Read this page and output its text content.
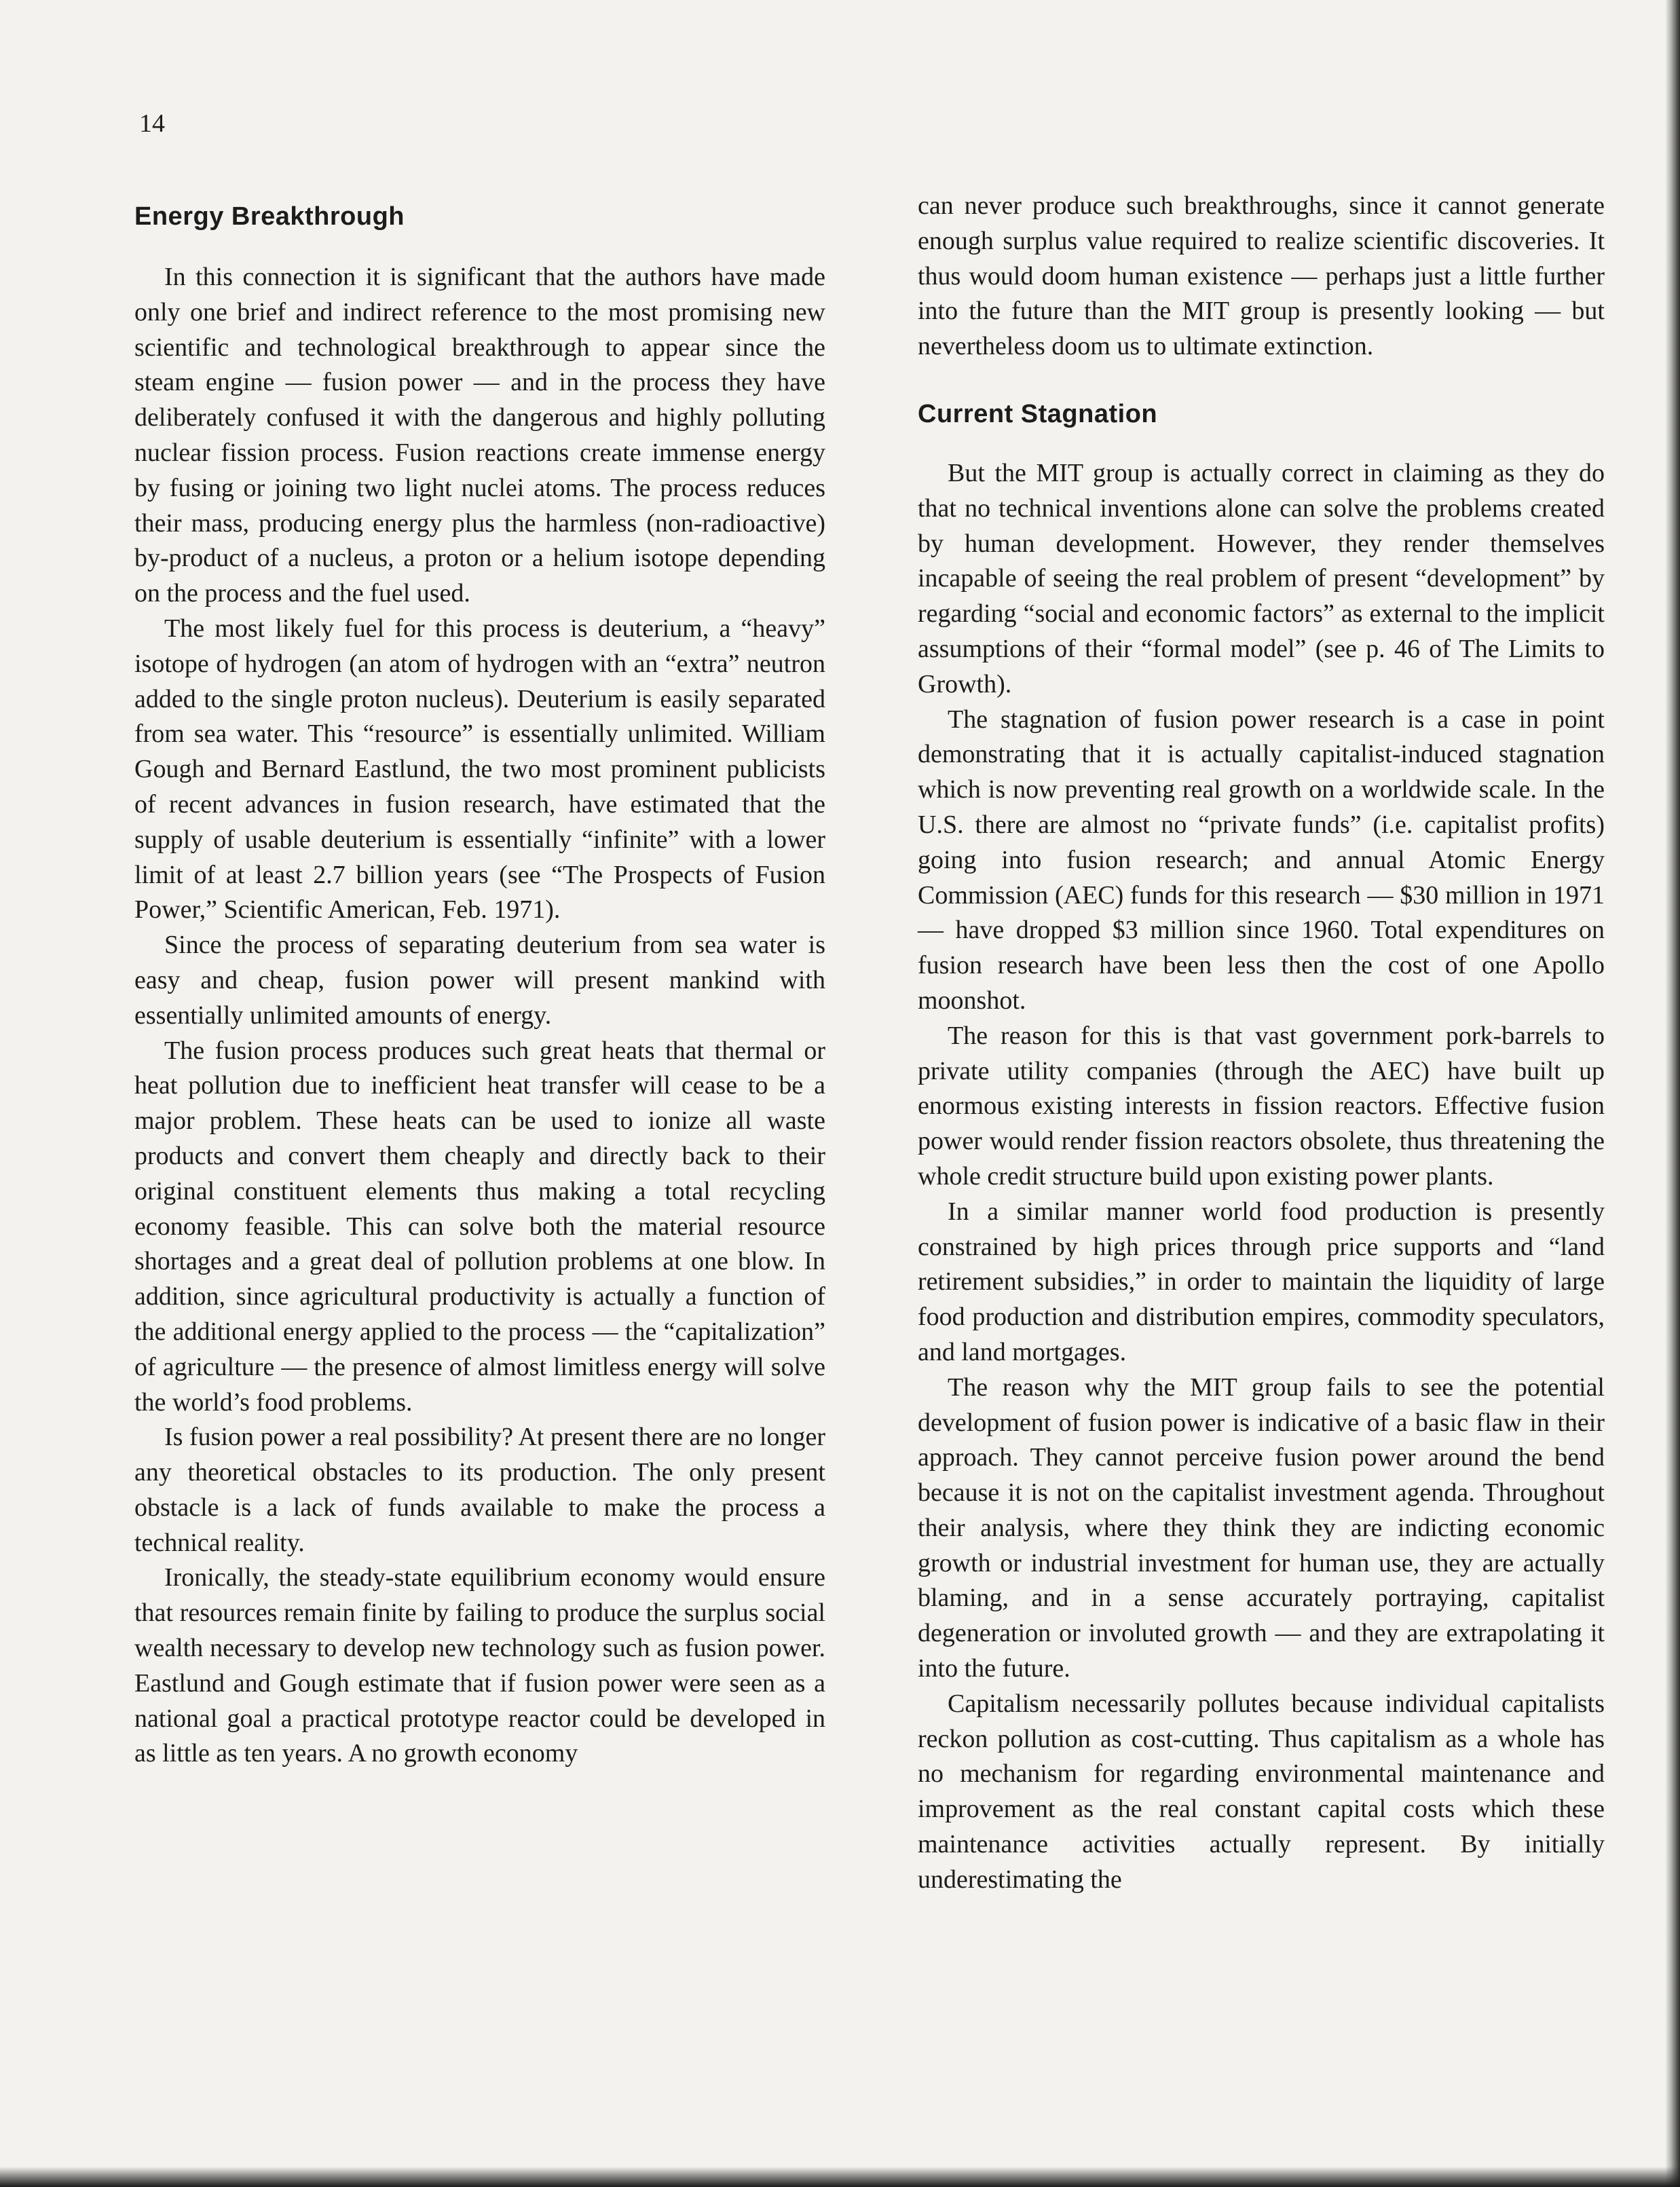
14
Energy Breakthrough

In this connection it is significant that the authors have made only one brief and indirect reference to the most promising new scientific and technological breakthrough to appear since the steam engine — fusion power — and in the process they have deliberately confused it with the dangerous and highly polluting nuclear fission process. Fusion reactions create immense energy by fusing or joining two light nuclei atoms. The process reduces their mass, producing energy plus the harmless (non-radioactive) by-product of a nucleus, a proton or a helium isotope depending on the process and the fuel used.

The most likely fuel for this process is deuterium, a “heavy” isotope of hydrogen (an atom of hydrogen with an “extra” neutron added to the single proton nucleus). Deuterium is easily separated from sea water. This “resource” is essentially unlimited. William Gough and Bernard Eastlund, the two most prominent publicists of recent advances in fusion research, have estimated that the supply of usable deuterium is essentially “infinite” with a lower limit of at least 2.7 billion years (see “The Prospects of Fusion Power,” Scientific American, Feb. 1971).

Since the process of separating deuterium from sea water is easy and cheap, fusion power will present mankind with essentially unlimited amounts of energy.

The fusion process produces such great heats that thermal or heat pollution due to inefficient heat transfer will cease to be a major problem. These heats can be used to ionize all waste products and convert them cheaply and directly back to their original constituent elements thus making a total recycling economy feasible. This can solve both the material resource shortages and a great deal of pollution problems at one blow. In addition, since agricultural productivity is actually a function of the additional energy applied to the process — the “capitalization” of agriculture — the presence of almost limitless energy will solve the world’s food problems.

Is fusion power a real possibility? At present there are no longer any theoretical obstacles to its production. The only present obstacle is a lack of funds available to make the process a technical reality.

Ironically, the steady-state equilibrium economy would ensure that resources remain finite by failing to produce the surplus social wealth necessary to develop new technology such as fusion power. Eastlund and Gough estimate that if fusion power were seen as a national goal a practical prototype reactor could be developed in as little as ten years. A no growth economy

can never produce such breakthroughs, since it cannot generate enough surplus value required to realize scientific discoveries. It thus would doom human existence — perhaps just a little further into the future than the MIT group is presently looking — but nevertheless doom us to ultimate extinction.

Current Stagnation

But the MIT group is actually correct in claiming as they do that no technical inventions alone can solve the problems created by human development. However, they render themselves incapable of seeing the real problem of present “development” by regarding “social and economic factors” as external to the implicit assumptions of their “formal model” (see p. 46 of The Limits to Growth).

The stagnation of fusion power research is a case in point demonstrating that it is actually capitalist-induced stagnation which is now preventing real growth on a worldwide scale. In the U.S. there are almost no “private funds” (i.e. capitalist profits) going into fusion research; and annual Atomic Energy Commission (AEC) funds for this research — $30 million in 1971 — have dropped $3 million since 1960. Total expenditures on fusion research have been less then the cost of one Apollo moonshot.

The reason for this is that vast government pork-barrels to private utility companies (through the AEC) have built up enormous existing interests in fission reactors. Effective fusion power would render fission reactors obsolete, thus threatening the whole credit structure build upon existing power plants.

In a similar manner world food production is presently constrained by high prices through price supports and “land retirement subsidies,” in order to maintain the liquidity of large food production and distribution empires, commodity speculators, and land mortgages.

The reason why the MIT group fails to see the potential development of fusion power is indicative of a basic flaw in their approach. They cannot perceive fusion power around the bend because it is not on the capitalist investment agenda. Throughout their analysis, where they think they are indicting economic growth or industrial investment for human use, they are actually blaming, and in a sense accurately portraying, capitalist degeneration or involuted growth — and they are extrapolating it into the future.

Capitalism necessarily pollutes because individual capitalists reckon pollution as cost-cutting. Thus capitalism as a whole has no mechanism for regarding environmental maintenance and improvement as the real constant capital costs which these maintenance activities actually represent. By initially underestimating the
